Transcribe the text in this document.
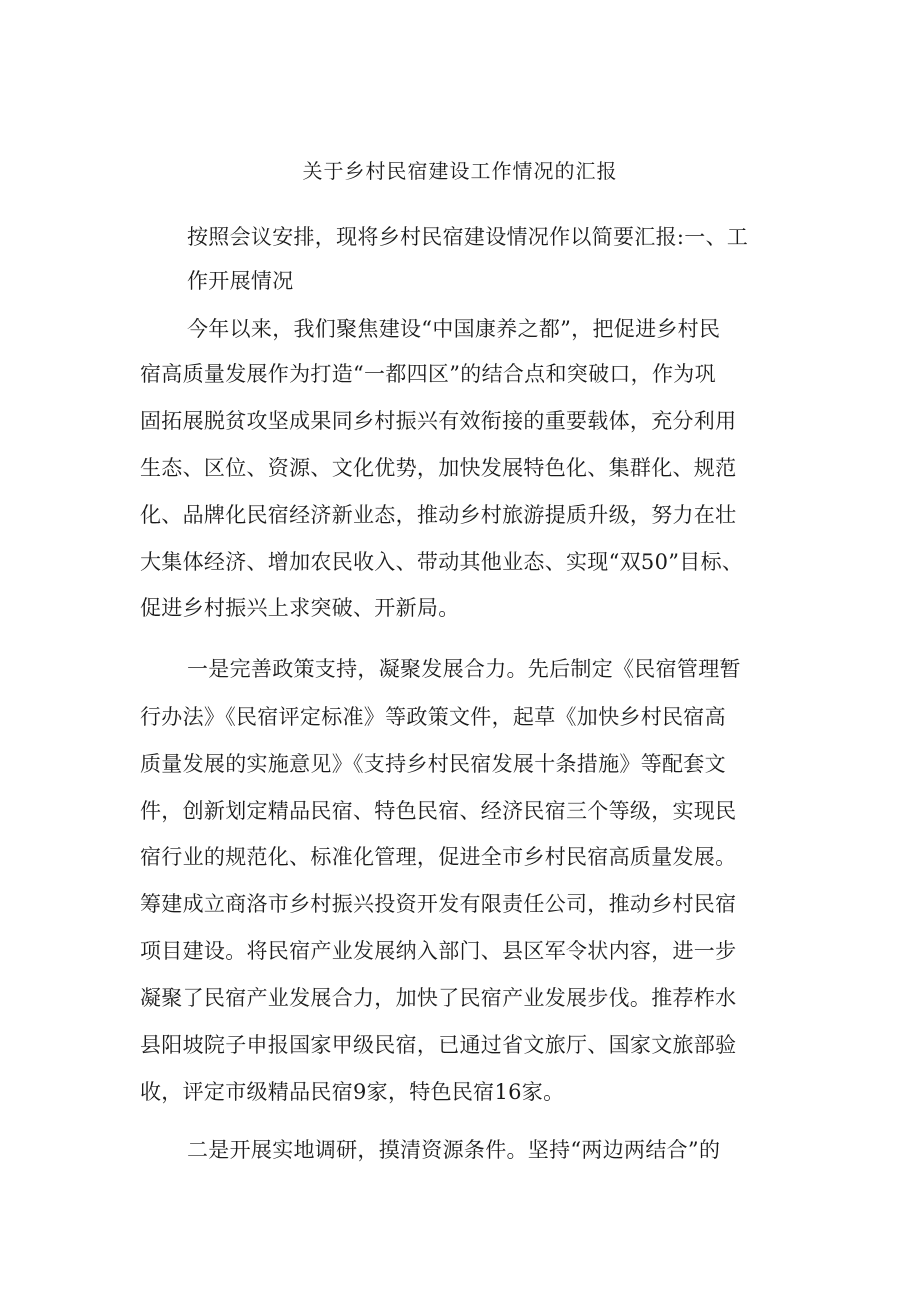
关于乡村民宿建设工作情况的汇报
按照会议安排，现将乡村民宿建设情况作以简要汇报:一、工
作开展情况
今年以来，我们聚焦建设“中国康养之都”，把促进乡村民
宿高质量发展作为打造“一都四区”的结合点和突破口，作为巩
固拓展脱贫攻坚成果同乡村振兴有效衔接的重要载体，充分利用
生态、区位、资源、文化优势，加快发展特色化、集群化、规范
化、品牌化民宿经济新业态，推动乡村旅游提质升级，努力在壮
大集体经济、增加农民收入、带动其他业态、实现“双50”目标、
促进乡村振兴上求突破、开新局。
一是完善政策支持，凝聚发展合力。先后制定《民宿管理暂
行办法》《民宿评定标准》等政策文件，起草《加快乡村民宿高
质量发展的实施意见》《支持乡村民宿发展十条措施》等配套文
件，创新划定精品民宿、特色民宿、经济民宿三个等级，实现民
宿行业的规范化、标准化管理，促进全市乡村民宿高质量发展。
筹建成立商洛市乡村振兴投资开发有限责任公司，推动乡村民宿
项目建设。将民宿产业发展纳入部门、县区军令状内容，进一步
凝聚了民宿产业发展合力，加快了民宿产业发展步伐。推荐柞水
县阳坡院子申报国家甲级民宿，已通过省文旅厅、国家文旅部验
收，评定市级精品民宿9家，特色民宿16家。
二是开展实地调研，摸清资源条件。坚持“两边两结合”的
